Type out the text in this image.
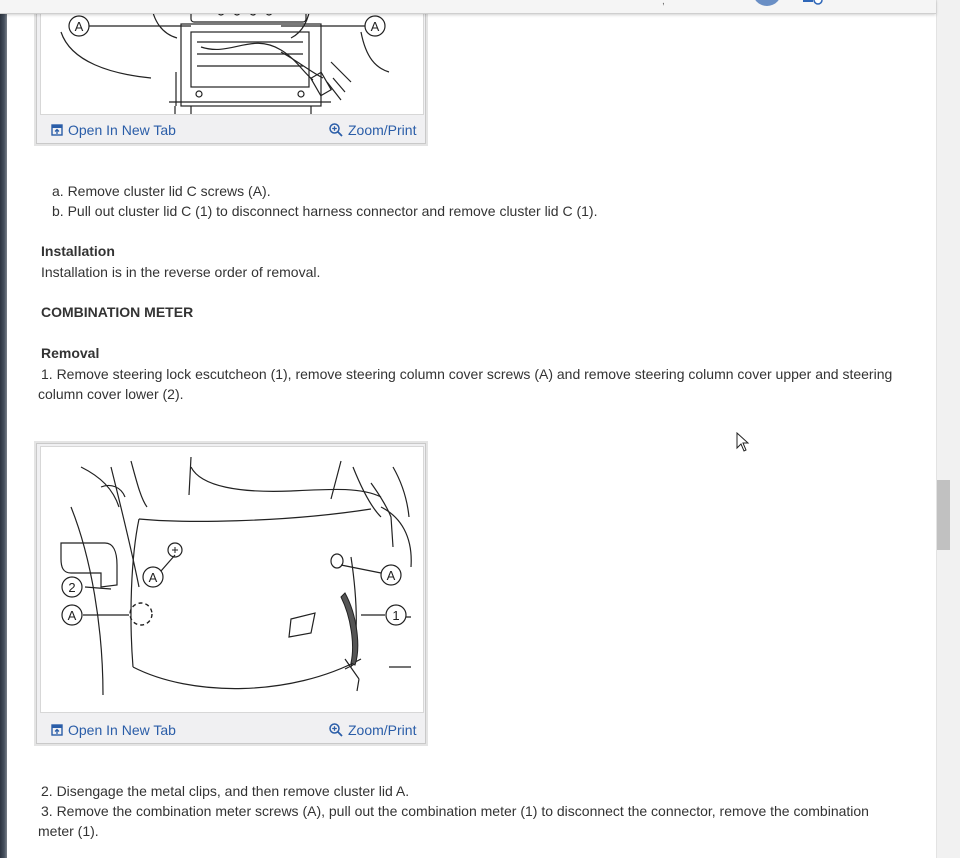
,
A	A
Open In New Tab	Zoom/Print
a. Remove cluster lid C screws (A).
b. Pull out cluster lid C (1) to disconnect harness connector and remove cluster lid C (1).
Installation
Installation is in the reverse order of removal.
COMBINATION METER
Removal
1. Remove steering lock escutcheon (1), remove steering column cover screws (A) and remove steering column cover upper and steering
column cover lower (2).
A
2
A
A
1
Open In New Tab	Zoom/Print
2. Disengage the metal clips, and then remove cluster lid A.
3. Remove the combination meter screws (A), pull out the combination meter (1) to disconnect the connector, remove the combination
meter (1).
